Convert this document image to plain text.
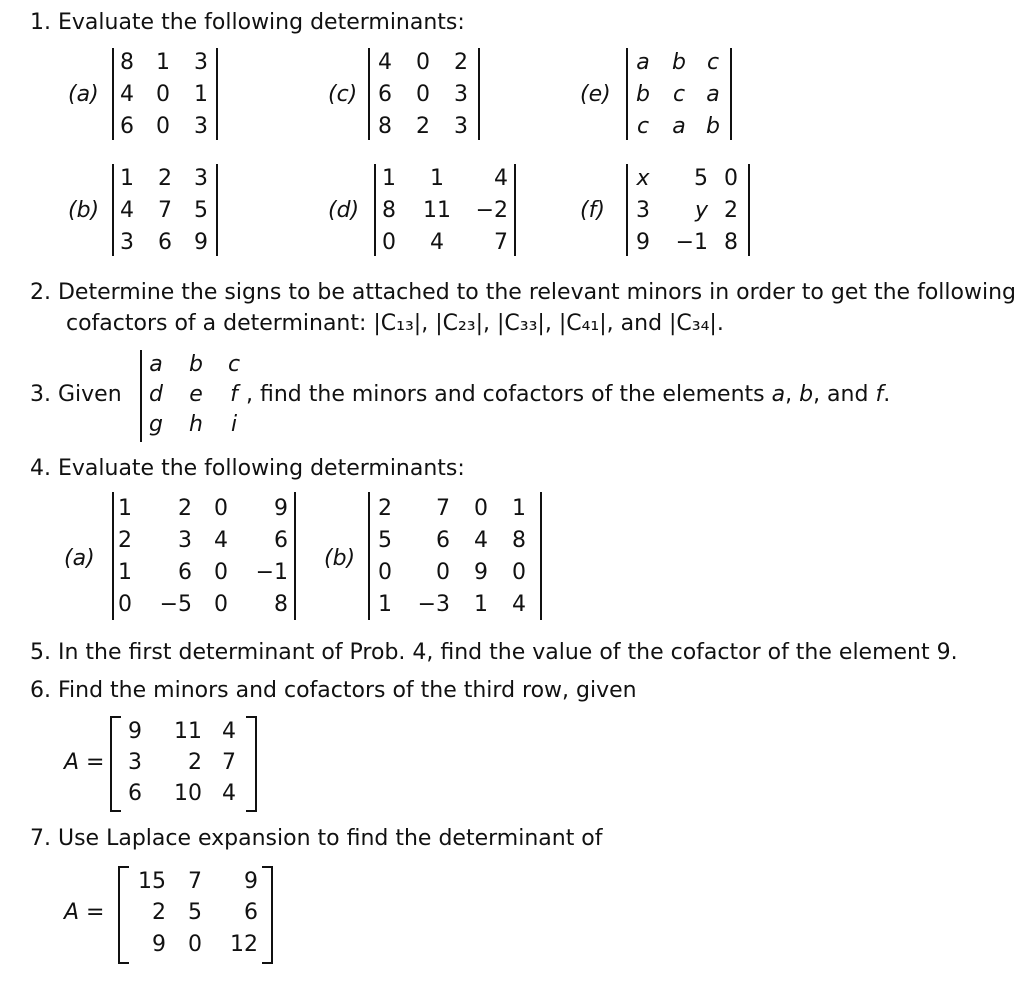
1. Evaluate the following determinants:
(a)
8 1 3
4 0 1
6 0 3
(b)
1 2 3
4 7 5
3 6 9
(c)
4 0 2
6 0 3
8 2 3
(d)
1	1	4
8 11	−2
0	4	7
(e)
a b c
b c a
c a b
(f)
x	5 0
3	y 2
9	−1 8
2. Determine the signs to be attached to the relevant minors in order to get the following
cofactors of a determinant: |C₁₃|, |C₂₃|, |C₃₃|, |C₄₁|, and |C₃₄|.
3. Given
a b c
d e f
g h	i
, find the minors and cofactors of the elements a, b, and f.
4. Evaluate the following determinants:
(a)
1	2 0	9
2	3 4	6
1	6 0	−1
0	−5 0	8
(b)
2	7 0 1
5	6 4 8
0	0 9 0
1	−3 1 4
5. In the first determinant of Prob. 4, find the value of the cofactor of the element 9.
6. Find the minors and cofactors of the third row, given
A =
9	11 4
3	2 7
6	10 4
7. Use Laplace expansion to find the determinant of
A =
15 7	9
2 5	6
9 0	12
